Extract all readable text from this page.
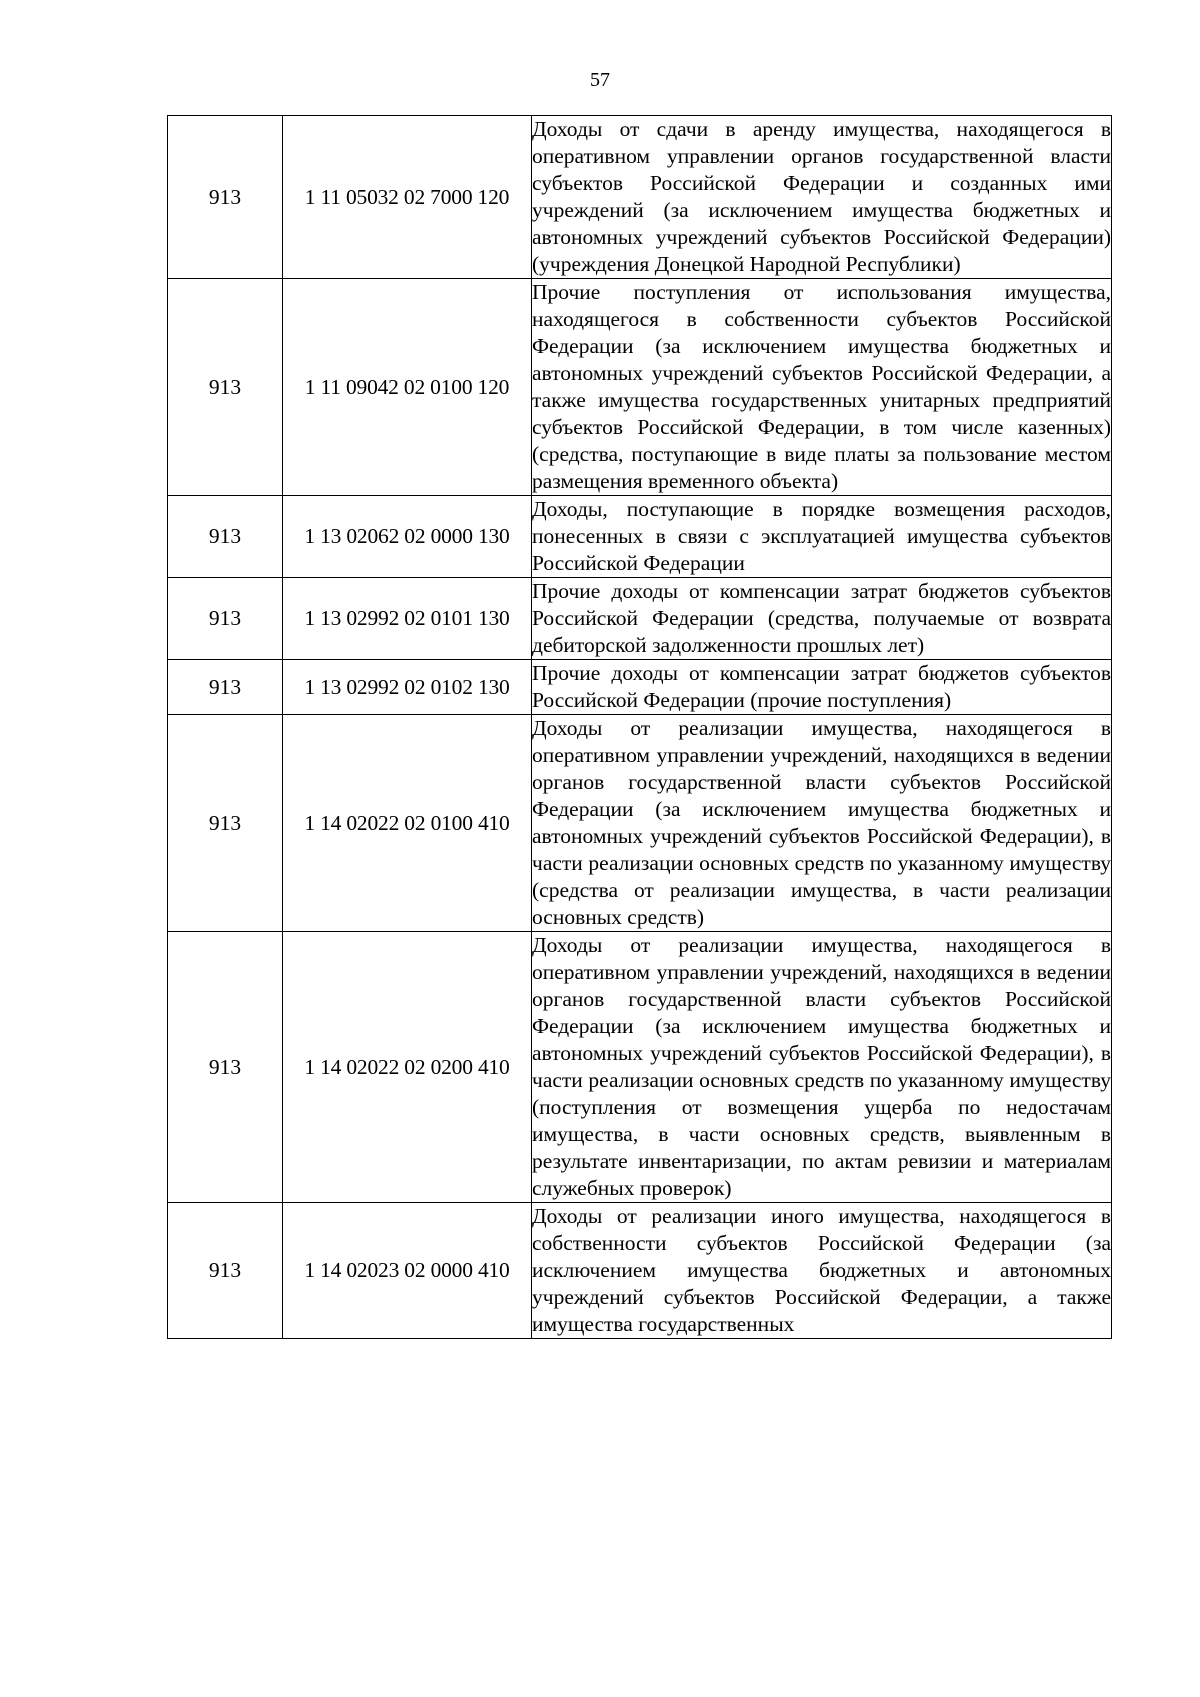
57
913	1 11 05032 02 7000 120	Доходы от сдачи в аренду имущества, находящегося в оперативном управлении органов государственной власти субъектов Российской Федерации и созданных ими учреждений (за исключением имущества бюджетных и автономных учреждений субъектов Российской Федерации) (учреждения Донецкой Народной Республики)
913	1 11 09042 02 0100 120	Прочие поступления от использования имущества, находящегося в собственности субъектов Российской Федерации (за исключением имущества бюджетных и автономных учреждений субъектов Российской Федерации, а также имущества государственных унитарных предприятий субъектов Российской Федерации, в том числе казенных) (средства, поступающие в виде платы за пользование местом размещения временного объекта)
913	1 13 02062 02 0000 130	Доходы, поступающие в порядке возмещения расходов, понесенных в связи с эксплуатацией имущества субъектов Российской Федерации
913	1 13 02992 02 0101 130	Прочие доходы от компенсации затрат бюджетов субъектов Российской Федерации (средства, получаемые от возврата дебиторской задолженности прошлых лет)
913	1 13 02992 02 0102 130	Прочие доходы от компенсации затрат бюджетов субъектов Российской Федерации (прочие поступления)
913	1 14 02022 02 0100 410	Доходы от реализации имущества, находящегося в оперативном управлении учреждений, находящихся в ведении органов государственной власти субъектов Российской Федерации (за исключением имущества бюджетных и автономных учреждений субъектов Российской Федерации), в части реализации основных средств по указанному имуществу (средства от реализации имущества, в части реализации основных средств)
913	1 14 02022 02 0200 410	Доходы от реализации имущества, находящегося в оперативном управлении учреждений, находящихся в ведении органов государственной власти субъектов Российской Федерации (за исключением имущества бюджетных и автономных учреждений субъектов Российской Федерации), в части реализации основных средств по указанному имуществу (поступления от возмещения ущерба по недостачам имущества, в части основных средств, выявленным в результате инвентаризации, по актам ревизии и материалам служебных проверок)
913	1 14 02023 02 0000 410	Доходы от реализации иного имущества, находящегося в собственности субъектов Российской Федерации (за исключением имущества бюджетных и автономных учреждений субъектов Российской Федерации, а также имущества государственных
